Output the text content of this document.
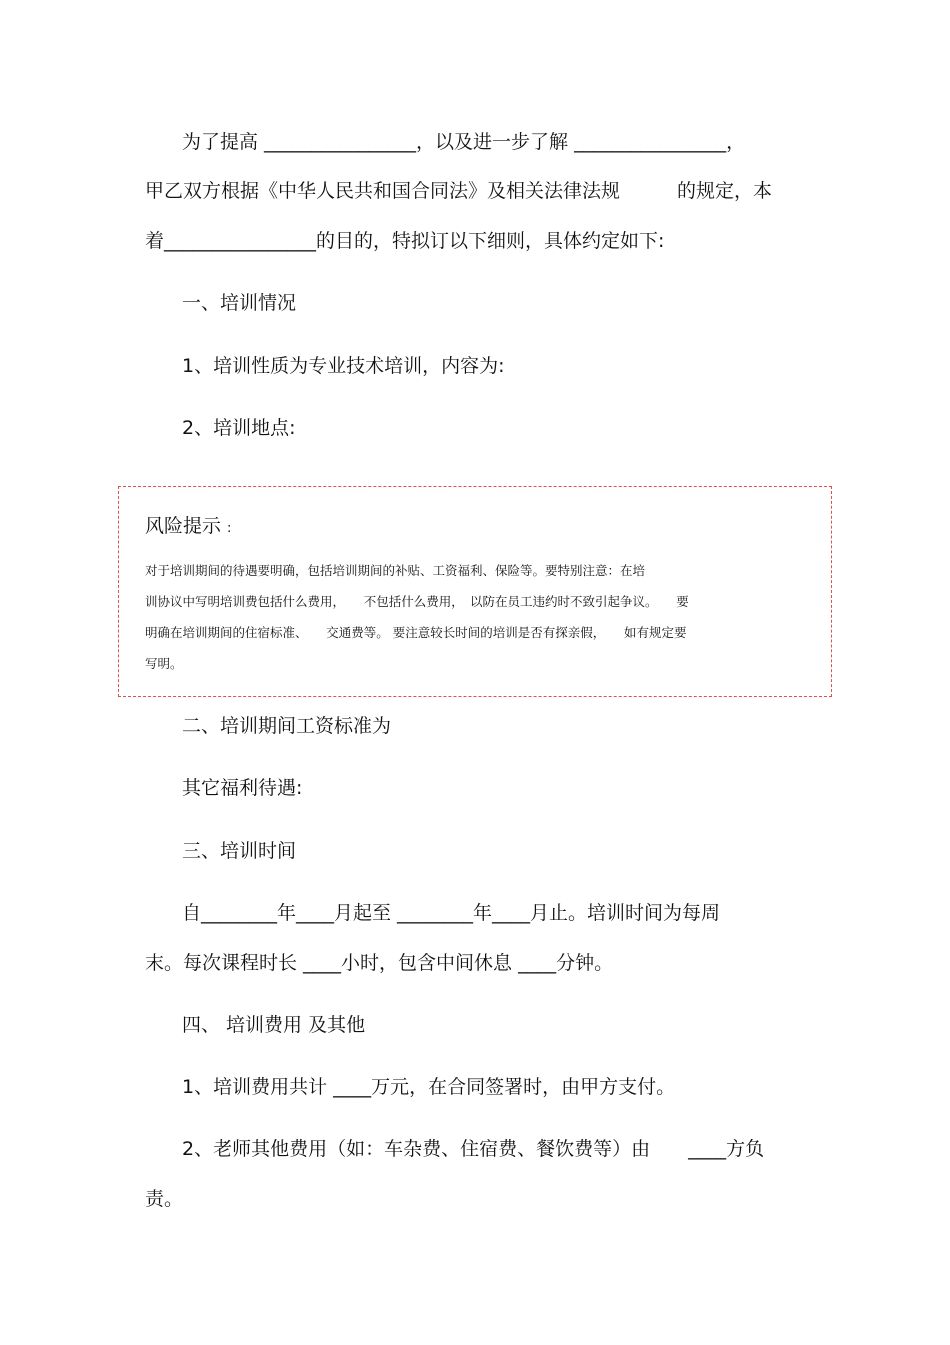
为了提高 ________________，以及进一步了解 ________________，
甲乙双方根据《中华人民共和国合同法》及相关法律法规　　　的规定，本
着________________的目的，特拟订以下细则，具体约定如下:
一、培训情况
1、培训性质为专业技术培训，内容为:
2、培训地点:
风险提示 :
对于培训期间的待遇要明确，包括培训期间的补贴、工资福利、保险等。要特别注意：在培
训协议中写明培训费包括什么费用，　　不包括什么费用，　以防在员工违约时不致引起争议。　　要
明确在培训期间的住宿标准、　　交通费等。 要注意较长时间的培训是否有探亲假，　　如有规定要
写明。
二、培训期间工资标准为
其它福利待遇:
三、培训时间
自________年____月起至 ________年____月止。培训时间为每周
末。每次课程时长 ____小时，包含中间休息 ____分钟。
四、 培训费用 及其他
1、培训费用共计 ____万元，在合同签署时，由甲方支付。
2、老师其他费用（如：车杂费、住宿费、餐饮费等）由　　____方负
责。
